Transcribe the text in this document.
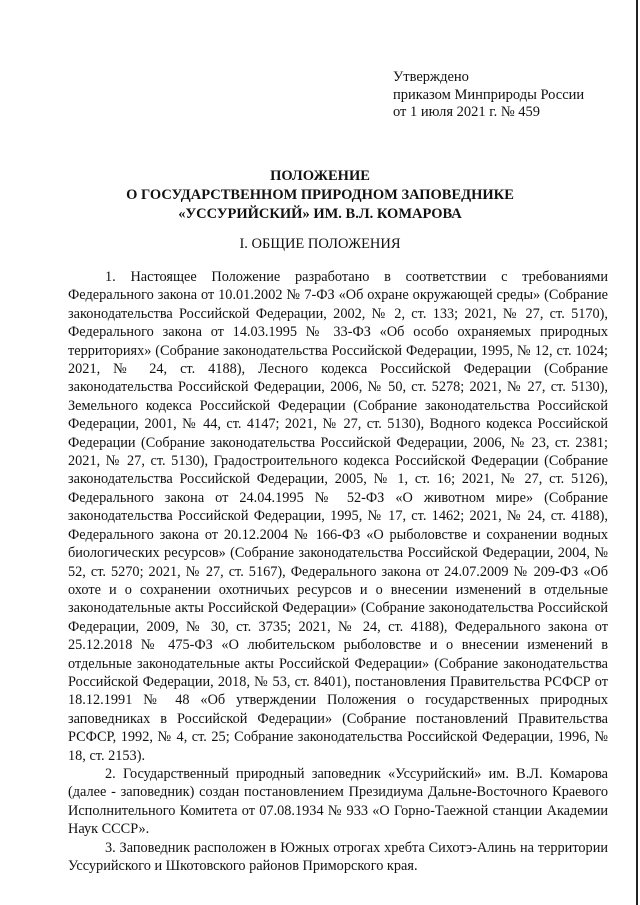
Утверждено
приказом Минприроды России
от 1 июля 2021 г. № 459
ПОЛОЖЕНИЕ
О ГОСУДАРСТВЕННОМ ПРИРОДНОМ ЗАПОВЕДНИКЕ
«УССУРИЙСКИЙ» ИМ. В.Л. КОМАРОВА
I. ОБЩИЕ ПОЛОЖЕНИЯ

1. Настоящее Положение разработано в соответствии с требованиями Федерального закона от 10.01.2002 № 7-ФЗ «Об охране окружающей среды» (Собрание законодательства Российской Федерации, 2002, № 2, ст. 133; 2021, № 27, ст. 5170), Федерального закона от 14.03.1995 № 33-ФЗ «Об особо охраняемых природных территориях» (Собрание законодательства Российской Федерации, 1995, № 12, ст. 1024; 2021, № 24, ст. 4188), Лесного кодекса Российской Федерации (Собрание законодательства Российской Федерации, 2006, № 50, ст. 5278; 2021, № 27, ст. 5130), Земельного кодекса Российской Федерации (Собрание законодательства Российской Федерации, 2001, № 44, ст. 4147; 2021, № 27, ст. 5130), Водного кодекса Российской Федерации (Собрание законодательства Российской Федерации, 2006, № 23, ст. 2381; 2021, № 27, ст. 5130), Градостроительного кодекса Российской Федерации (Собрание законодательства Российской Федерации, 2005, № 1, ст. 16; 2021, № 27, ст. 5126), Федерального закона от 24.04.1995 № 52-ФЗ «О животном мире» (Собрание законодательства Российской Федерации, 1995, № 17, ст. 1462; 2021, № 24, ст. 4188), Федерального закона от 20.12.2004 № 166-ФЗ «О рыболовстве и сохранении водных биологических ресурсов» (Собрание законодательства Российской Федерации, 2004, № 52, ст. 5270; 2021, № 27, ст. 5167), Федерального закона от 24.07.2009 № 209-ФЗ «Об охоте и о сохранении охотничьих ресурсов и о внесении изменений в отдельные законодательные акты Российской Федерации» (Собрание законодательства Российской Федерации, 2009, № 30, ст. 3735; 2021, № 24, ст. 4188), Федерального закона от 25.12.2018 № 475-ФЗ «О любительском рыболовстве и о внесении изменений в отдельные законодательные акты Российской Федерации» (Собрание законодательства Российской Федерации, 2018, № 53, ст. 8401), постановления Правительства РСФСР от 18.12.1991 № 48 «Об утверждении Положения о государственных природных заповедниках в Российской Федерации» (Собрание постановлений Правительства РСФСР, 1992, № 4, ст. 25; Собрание законодательства Российской Федерации, 1996, № 18, ст. 2153).

2. Государственный природный заповедник «Уссурийский» им. В.Л. Комарова (далее - заповедник) создан постановлением Президиума Дальне-Восточного Краевого Исполнительного Комитета от 07.08.1934 № 933 «О Горно-Таежной станции Академии Наук СССР».

3. Заповедник расположен в Южных отрогах хребта Сихотэ-Алинь на территории Уссурийского и Шкотовского районов Приморского края.
